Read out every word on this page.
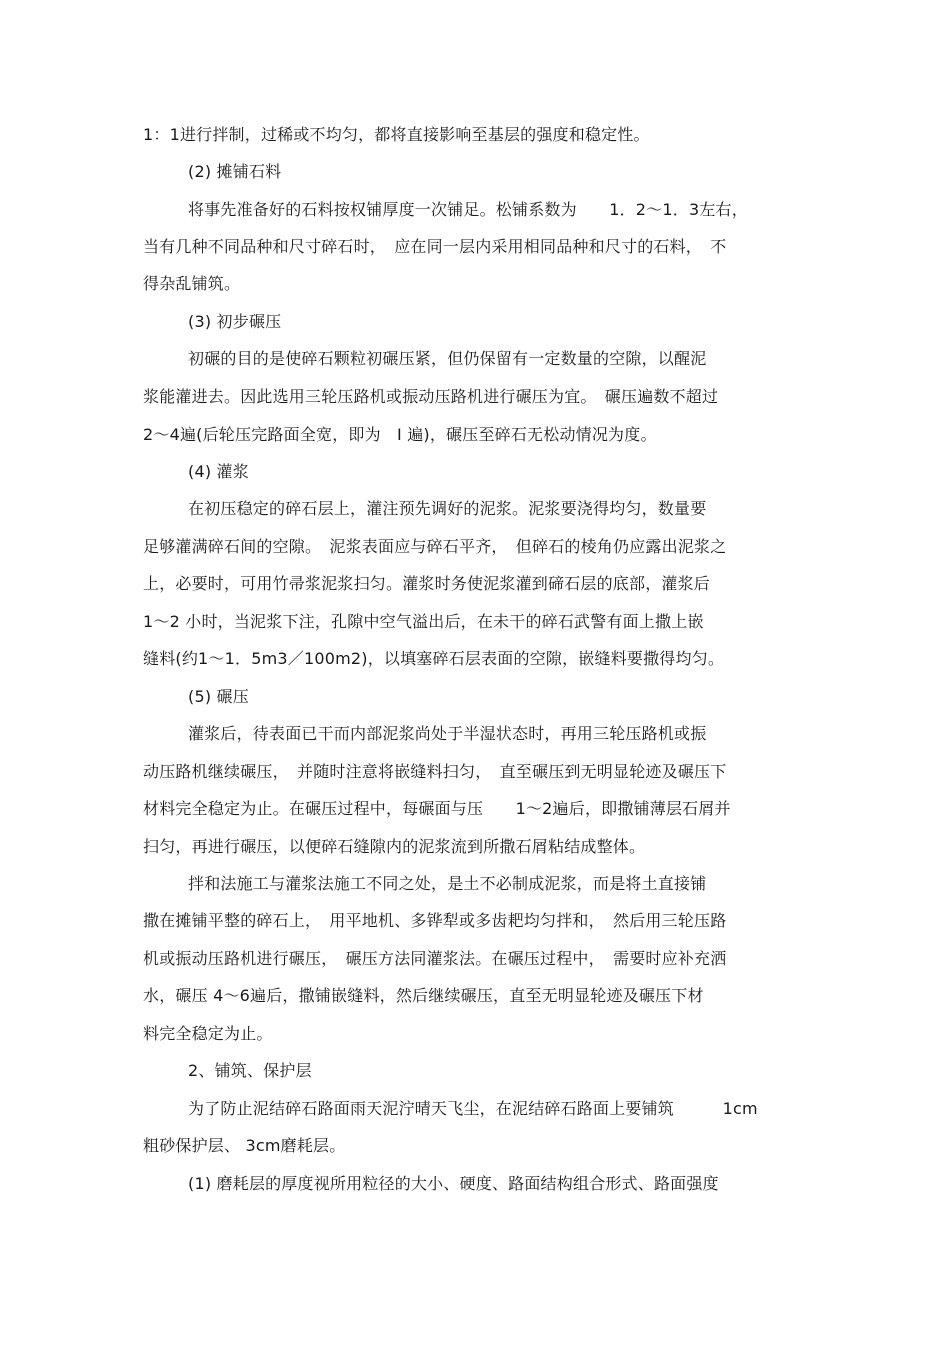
1：1进行拌制，过稀或不均匀，都将直接影响至基层的强度和稳定性。
(2) 摊铺石料
将事先准备好的石料按权铺厚度一次铺足。松铺系数为　　1．2～1．3左右，
当有几种不同品种和尺寸碎石时，　应在同一层内采用相同品种和尺寸的石料，　不
得杂乱铺筑。
(3) 初步碾压
初碾的目的是使碎石颗粒初碾压紧，但仍保留有一定数量的空隙，以醒泥
浆能灌进去。因此选用三轮压路机或振动压路机进行碾压为宜。　碾压遍数不超过
2～4遍(后轮压完路面全宽，即为　I 遍)，碾压至碎石无松动情况为度。
(4) 灌浆
在初压稳定的碎石层上，灌注预先调好的泥浆。泥浆要浇得均匀，数量要
足够灌满碎石间的空隙。　泥浆表面应与碎石平齐，　但碎石的棱角仍应露出泥浆之
上，必要时，可用竹帚浆泥浆扫匀。灌浆时务使泥浆灌到碲石层的底部，灌浆后
1～2 小时，当泥浆下注，孔隙中空气溢出后，在未干的碎石武警有面上撒上嵌
缝料(约1～1．5m3／100m2)，以填塞碎石层表面的空隙，嵌缝料要撒得均匀。
(5) 碾压
灌浆后，待表面已干而内部泥浆尚处于半湿状态时，再用三轮压路机或振
动压路机继续碾压，　并随时注意将嵌缝料扫匀，　直至碾压到无明显轮迹及碾压下
材料完全稳定为止。在碾压过程中，每碾面与压　　1～2遍后，即撒铺薄层石屑并
扫匀，再进行碾压，以便碎石缝隙内的泥浆流到所撒石屑粘结成整体。
拌和法施工与灌浆法施工不同之处，是土不必制成泥浆，而是将土直接铺
撒在摊铺平整的碎石上，　用平地机、多铧犁或多齿耙均匀拌和，　然后用三轮压路
机或振动压路机进行碾压，　碾压方法同灌浆法。在碾压过程中，　需要时应补充洒
水，碾压 4～6遍后，撒铺嵌缝料，然后继续碾压，直至无明显轮迹及碾压下材
料完全稳定为止。
2、铺筑、保护层
为了防止泥结碎石路面雨天泥泞晴天飞尘，在泥结碎石路面上要铺筑　　　1cm
粗砂保护层、 3cm磨耗层。
(1) 磨耗层的厚度视所用粒径的大小、硬度、路面结构组合形式、路面强度
